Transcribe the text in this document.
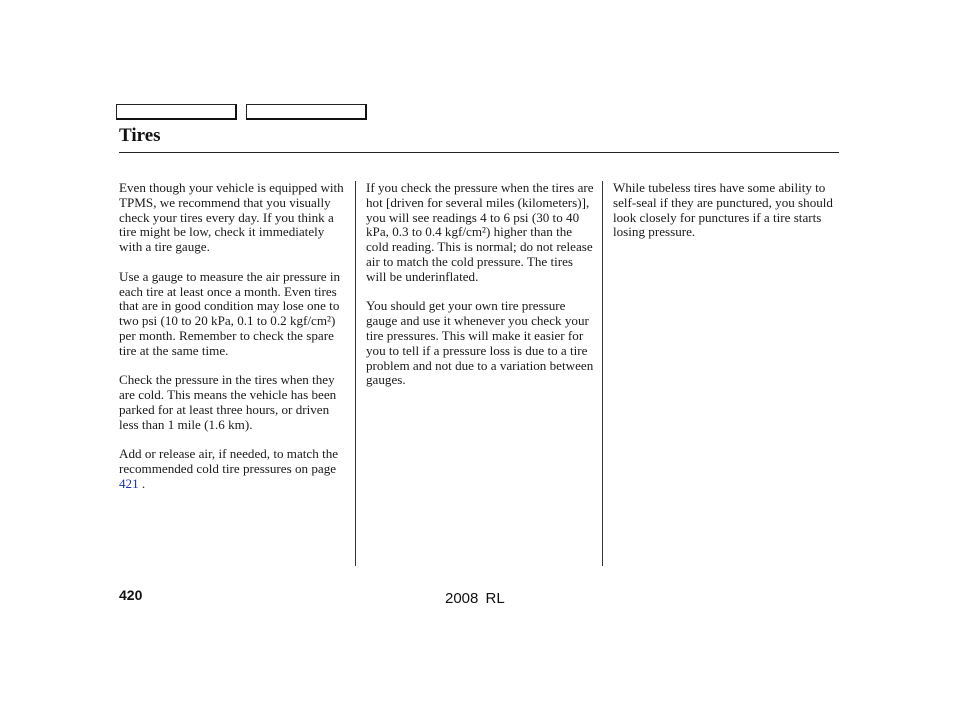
Tires

Even though your vehicle is equipped with TPMS, we recommend that you visually check your tires every day. If you think a tire might be low, check it immediately with a tire gauge.

Use a gauge to measure the air pressure in each tire at least once a month. Even tires that are in good condition may lose one to two psi (10 to 20 kPa, 0.1 to 0.2 kgf/cm²) per month. Remember to check the spare tire at the same time.

Check the pressure in the tires when they are cold. This means the vehicle has been parked for at least three hours, or driven less than 1 mile (1.6 km).

Add or release air, if needed, to match the recommended cold tire pressures on page 421 .

If you check the pressure when the tires are hot [driven for several miles (kilometers)], you will see readings 4 to 6 psi (30 to 40 kPa, 0.3 to 0.4 kgf/cm²) higher than the cold reading. This is normal; do not release air to match the cold pressure. The tires will be underinflated.

You should get your own tire pressure gauge and use it whenever you check your tire pressures. This will make it easier for you to tell if a pressure loss is due to a tire problem and not due to a variation between gauges.

While tubeless tires have some ability to self-seal if they are punctured, you should look closely for punctures if a tire starts losing pressure.

420	2008 RL
